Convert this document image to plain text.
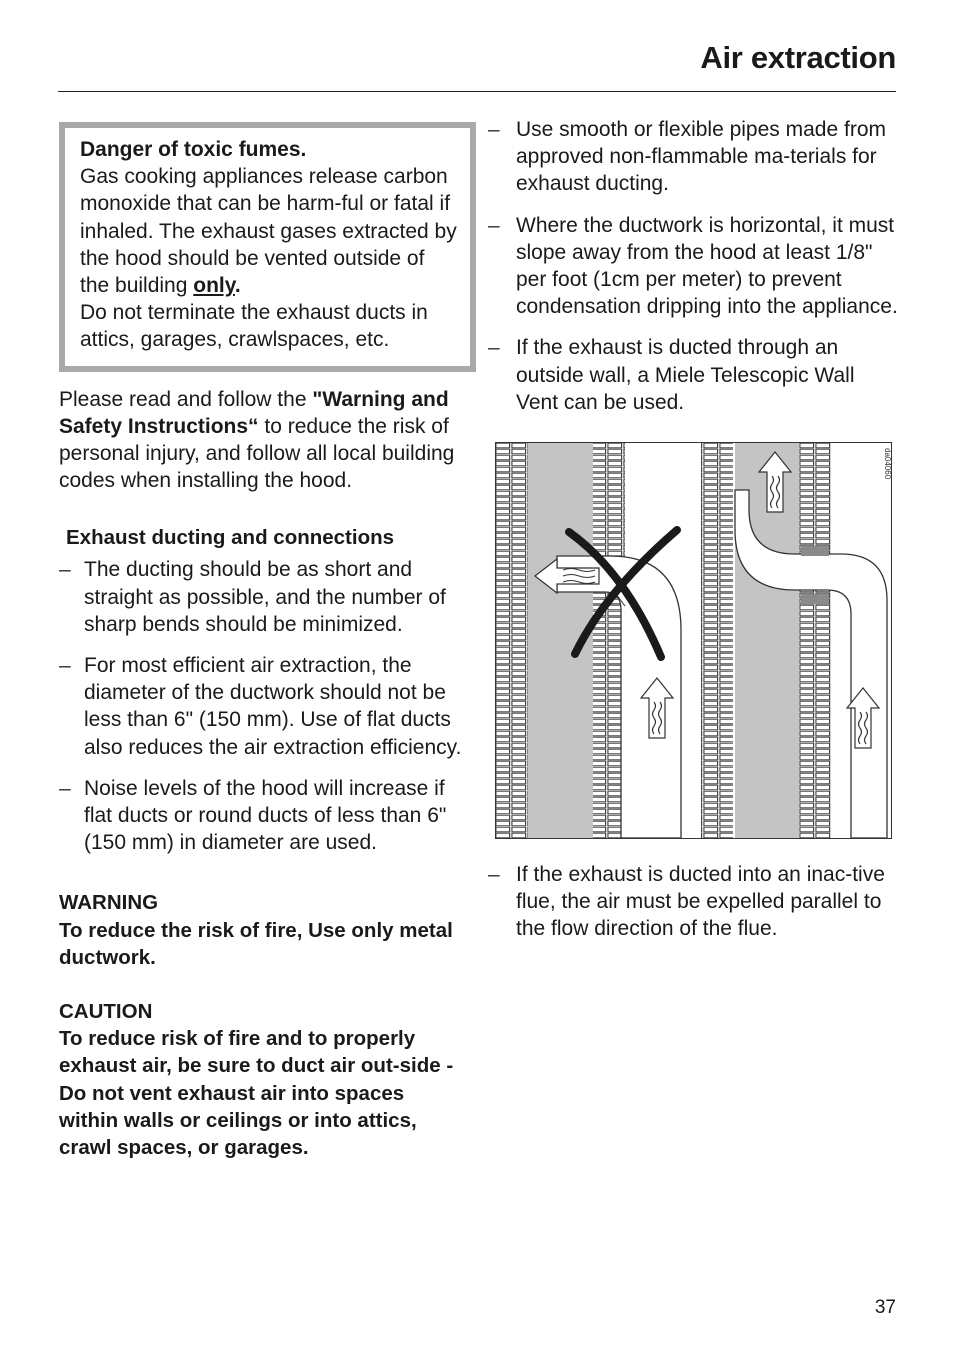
Air extraction
Danger of toxic fumes.
Gas cooking appliances release carbon monoxide that can be harm-ful or fatal if inhaled. The exhaust gases extracted by the hood should be vented outside of the building only.
Do not terminate the exhaust ducts in attics, garages, crawlspaces, etc.
Please read and follow the "Warning and Safety Instructions“ to reduce the risk of personal injury, and follow all local building codes when installing the hood.
Exhaust ducting and connections
– The ducting should be as short and straight as possible, and the number of sharp bends should be minimized.
– For most efficient air extraction, the diameter of the ductwork should not be less than 6" (150 mm). Use of flat ducts also reduces the air extraction efficiency.
– Noise levels of the hood will increase if flat ducts or round ducts of less than 6" (150 mm) in diameter are used.
WARNING
To reduce the risk of fire, Use only metal ductwork.
CAUTION
To reduce risk of fire and to properly exhaust air, be sure to duct air out-side - Do not vent exhaust air into spaces within walls or ceilings or into attics, crawl spaces, or garages.
– Use smooth or flexible pipes made from approved non-flammable ma-terials for exhaust ducting.
– Where the ductwork is horizontal, it must slope away from the hood at least 1/8" per foot (1cm per meter) to prevent condensation dripping into the appliance.
– If the exhaust is ducted through an outside wall, a Miele Telescopic Wall Vent can be used.
da04060
– If the exhaust is ducted into an inac-tive flue, the air must be expelled parallel to the flow direction of the flue.
37
